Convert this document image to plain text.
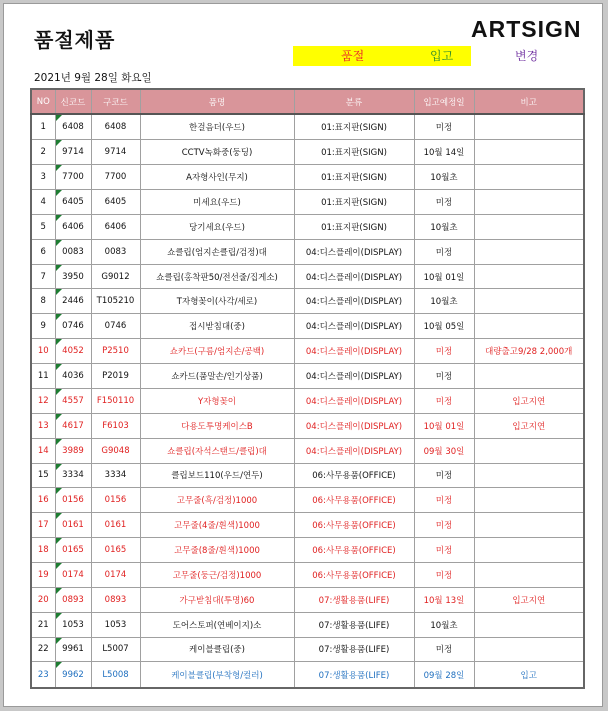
품절제품	ARTSIGN
품절	입고	변경
2021년 9월 28일 화요일
NO	신코드	구코드	품명	분류	입고예정일	비고
1	6408	6408	한걸음더(우드)	01:표지판(SIGN)	미정	
2	9714	9714	CCTV녹화중(둥딩)	01:표지판(SIGN)	10월 14일	
3	7700	7700	A자형사인(무지)	01:표지판(SIGN)	10월초	
4	6405	6405	미세요(우드)	01:표지판(SIGN)	미정	
5	6406	6406	당기세요(우드)	01:표지판(SIGN)	10월초	
6	0083	0083	쇼클립(엄지손클립/검정)대	04:디스플레이(DISPLAY)	미정	
7	3950	G9012	쇼클립(홍착판50/전선줄/집게소)	04:디스플레이(DISPLAY)	10월 01일	
8	2446	T105210	T자형꽂이(사각/세로)	04:디스플레이(DISPLAY)	10월초	
9	0746	0746	접시받침대(중)	04:디스플레이(DISPLAY)	10월 05일	
10	4052	P2510	쇼카드(구름/엄지손/공백)	04:디스플레이(DISPLAY)	미정	대량출고9/28 2,000개
11	4036	P2019	쇼카드(품말손/인기상품)	04:디스플레이(DISPLAY)	미정	
12	4557	F150110	Y자형꽂이	04:디스플레이(DISPLAY)	미정	입고지연
13	4617	F6103	다용도투명케이스B	04:디스플레이(DISPLAY)	10월 01일	입고지연
14	3989	G9048	쇼클립(자석스탠드/클립)대	04:디스플레이(DISPLAY)	09월 30일	
15	3334	3334	클립보드110(우드/연두)	06:사무용품(OFFICE)	미정	
16	0156	0156	고무줄(흑/검정)1000	06:사무용품(OFFICE)	미정	
17	0161	0161	고무줄(4줄/흰색)1000	06:사무용품(OFFICE)	미정	
18	0165	0165	고무줄(8줄/흰색)1000	06:사무용품(OFFICE)	미정	
19	0174	0174	고무줄(둥근/검정)1000	06:사무용품(OFFICE)	미정	
20	0893	0893	가구받침대(투명)60	07:생활용품(LIFE)	10월 13일	입고지연
21	1053	1053	도어스토퍼(연베이지)소	07:생활용품(LIFE)	10월초	
22	9961	L5007	케이블클립(중)	07:생활용품(LIFE)	미정	
23	9962	L5008	케이블클립(부착형/컬러)	07:생활용품(LIFE)	09월 28일	입고
